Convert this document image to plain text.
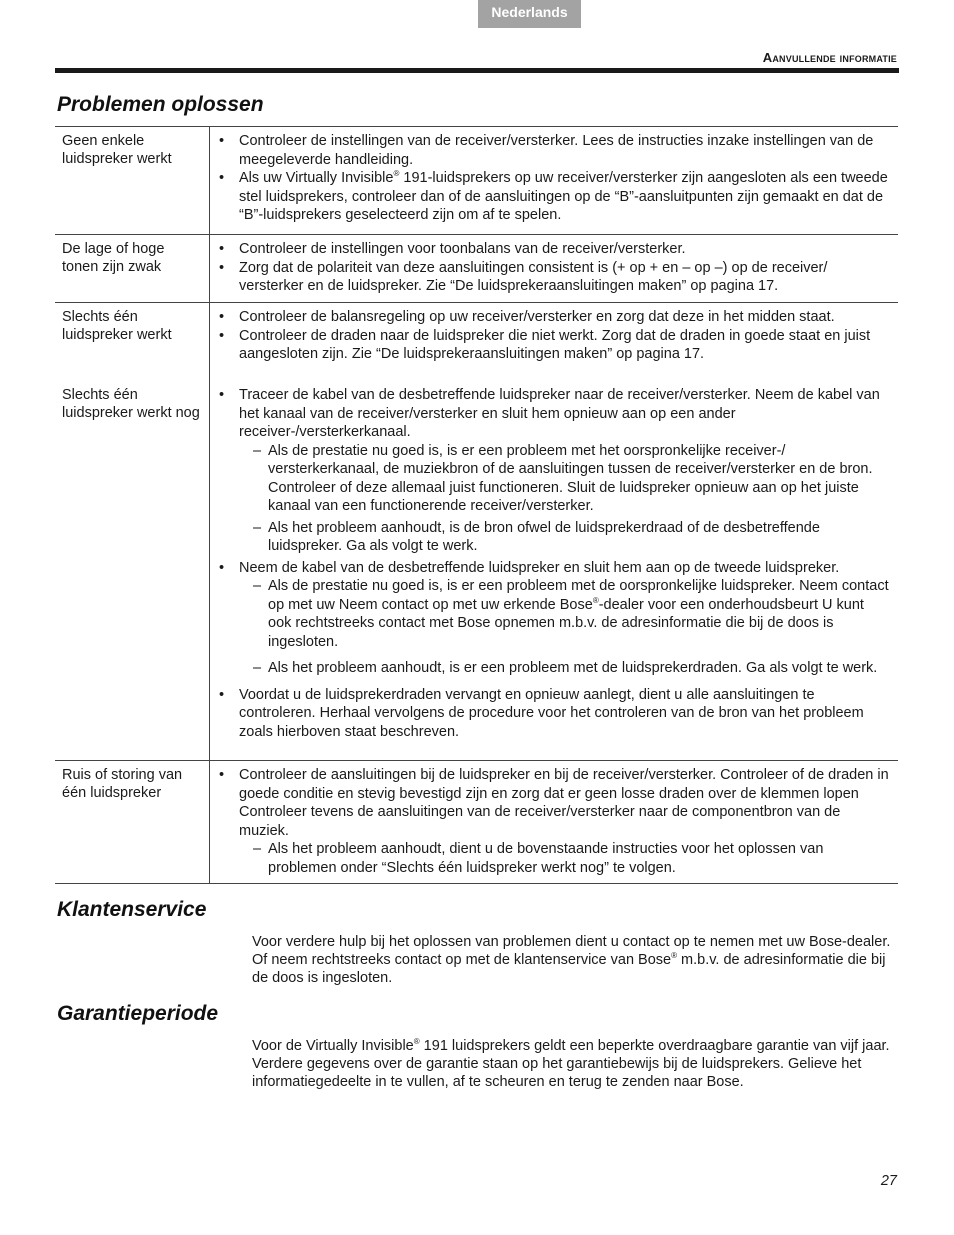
Nederlands
Aanvullende informatie
Problemen oplossen
Geen enkele luidspreker werkt
• Controleer de instellingen van de receiver/versterker. Lees de instructies inzake instellingen van de meegeleverde handleiding.
• Als uw Virtually Invisible® 191-luidsprekers op uw receiver/versterker zijn aangesloten als een tweede stel luidsprekers, controleer dan of de aansluitingen op de “B”-aansluitpunten zijn gemaakt en dat de “B”-luidsprekers geselecteerd zijn om af te spelen.
De lage of hoge tonen zijn zwak
• Controleer de instellingen voor toonbalans van de receiver/versterker.
• Zorg dat de polariteit van deze aansluitingen consistent is (+ op + en – op –) op de receiver/ versterker en de luidspreker. Zie “De luidsprekeraansluitingen maken” op pagina 17.
Slechts één luidspreker werkt
• Controleer de balansregeling op uw receiver/versterker en zorg dat deze in het midden staat.
• Controleer de draden naar de luidspreker die niet werkt. Zorg dat de draden in goede staat en juist aangesloten zijn. Zie “De luidsprekeraansluitingen maken” op pagina 17.
Slechts één luidspreker werkt nog
• Traceer de kabel van de desbetreffende luidspreker naar de receiver/versterker. Neem de kabel van het kanaal van de receiver/versterker en sluit hem opnieuw aan op een ander receiver-/versterkerkanaal.
– Als de prestatie nu goed is, is er een probleem met het oorspronkelijke receiver-/ versterkerkanaal, de muziekbron of de aansluitingen tussen de receiver/versterker en de bron. Controleer of deze allemaal juist functioneren. Sluit de luidspreker opnieuw aan op het juiste kanaal van een functionerende receiver/versterker.
– Als het probleem aanhoudt, is de bron ofwel de luidsprekerdraad of de desbetreffende luidspreker. Ga als volgt te werk.
• Neem de kabel van de desbetreffende luidspreker en sluit hem aan op de tweede luidspreker.
– Als de prestatie nu goed is, is er een probleem met de oorspronkelijke luidspreker. Neem contact op met uw Neem contact op met uw erkende Bose®-dealer voor een onderhoudsbeurt U kunt ook rechtstreeks contact met Bose opnemen m.b.v. de adresinformatie die bij de doos is ingesloten.
– Als het probleem aanhoudt, is er een probleem met de luidsprekerdraden. Ga als volgt te werk.
• Voordat u de luidsprekerdraden vervangt en opnieuw aanlegt, dient u alle aansluitingen te controleren. Herhaal vervolgens de procedure voor het controleren van de bron van het probleem zoals hierboven staat beschreven.
Ruis of storing van één luidspreker
• Controleer de aansluitingen bij de luidspreker en bij de receiver/versterker. Controleer of de draden in goede conditie en stevig bevestigd zijn en zorg dat er geen losse draden over de klemmen lopen Controleer tevens de aansluitingen van de receiver/versterker naar de componentbron van de muziek.
– Als het probleem aanhoudt, dient u de bovenstaande instructies voor het oplossen van problemen onder “Slechts één luidspreker werkt nog” te volgen.
Klantenservice

Voor verdere hulp bij het oplossen van problemen dient u contact op te nemen met uw Bose-dealer. Of neem rechtstreeks contact op met de klantenservice van Bose® m.b.v. de adresinformatie die bij de doos is ingesloten.

Garantieperiode

Voor de Virtually Invisible® 191 luidsprekers geldt een beperkte overdraagbare garantie van vijf jaar. Verdere gegevens over de garantie staan op het garantiebewijs bij de luidsprekers. Gelieve het informatiegedeelte in te vullen, af te scheuren en terug te zenden naar Bose.

27
